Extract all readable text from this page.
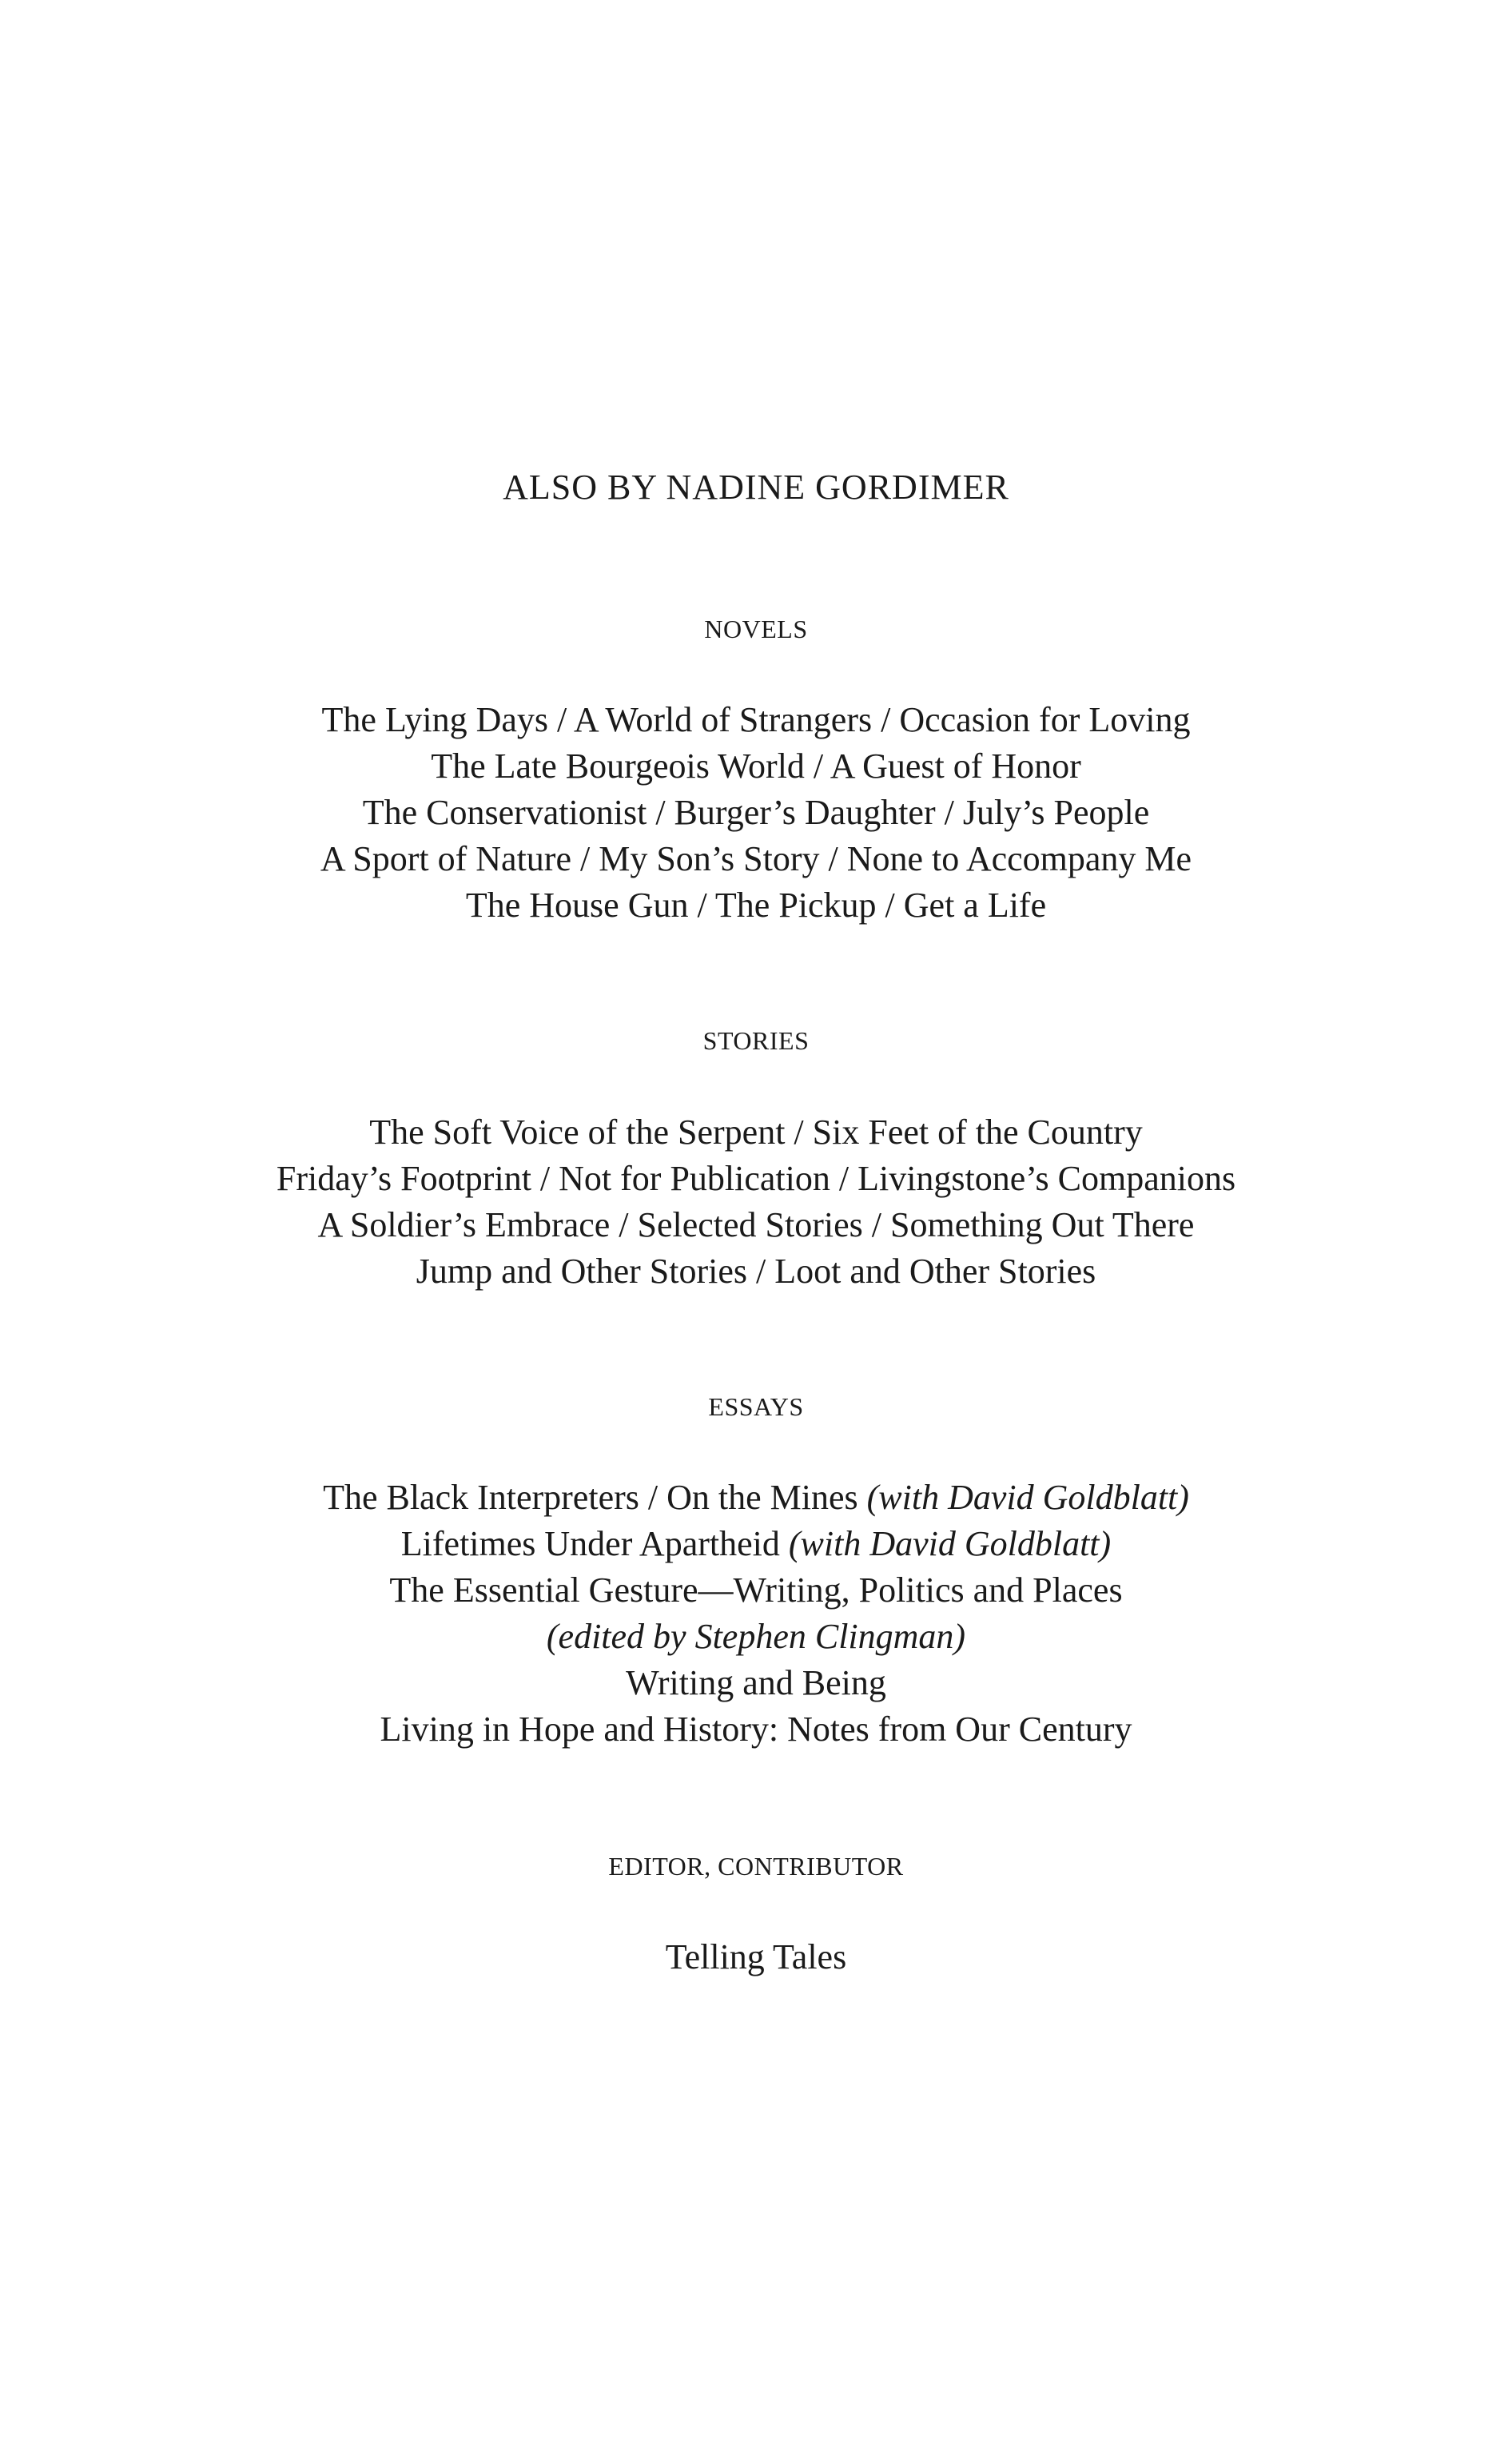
ALSO BY NADINE GORDIMER
NOVELS
The Lying Days / A World of Strangers / Occasion for Loving
The Late Bourgeois World / A Guest of Honor
The Conservationist / Burger’s Daughter / July’s People
A Sport of Nature / My Son’s Story / None to Accompany Me
The House Gun / The Pickup / Get a Life
STORIES
The Soft Voice of the Serpent / Six Feet of the Country
Friday’s Footprint / Not for Publication / Livingstone’s Companions
A Soldier’s Embrace / Selected Stories / Something Out There
Jump and Other Stories / Loot and Other Stories
ESSAYS
The Black Interpreters / On the Mines (with David Goldblatt)
Lifetimes Under Apartheid (with David Goldblatt)
The Essential Gesture—Writing, Politics and Places
(edited by Stephen Clingman)
Writing and Being
Living in Hope and History: Notes from Our Century
EDITOR, CONTRIBUTOR
Telling Tales
